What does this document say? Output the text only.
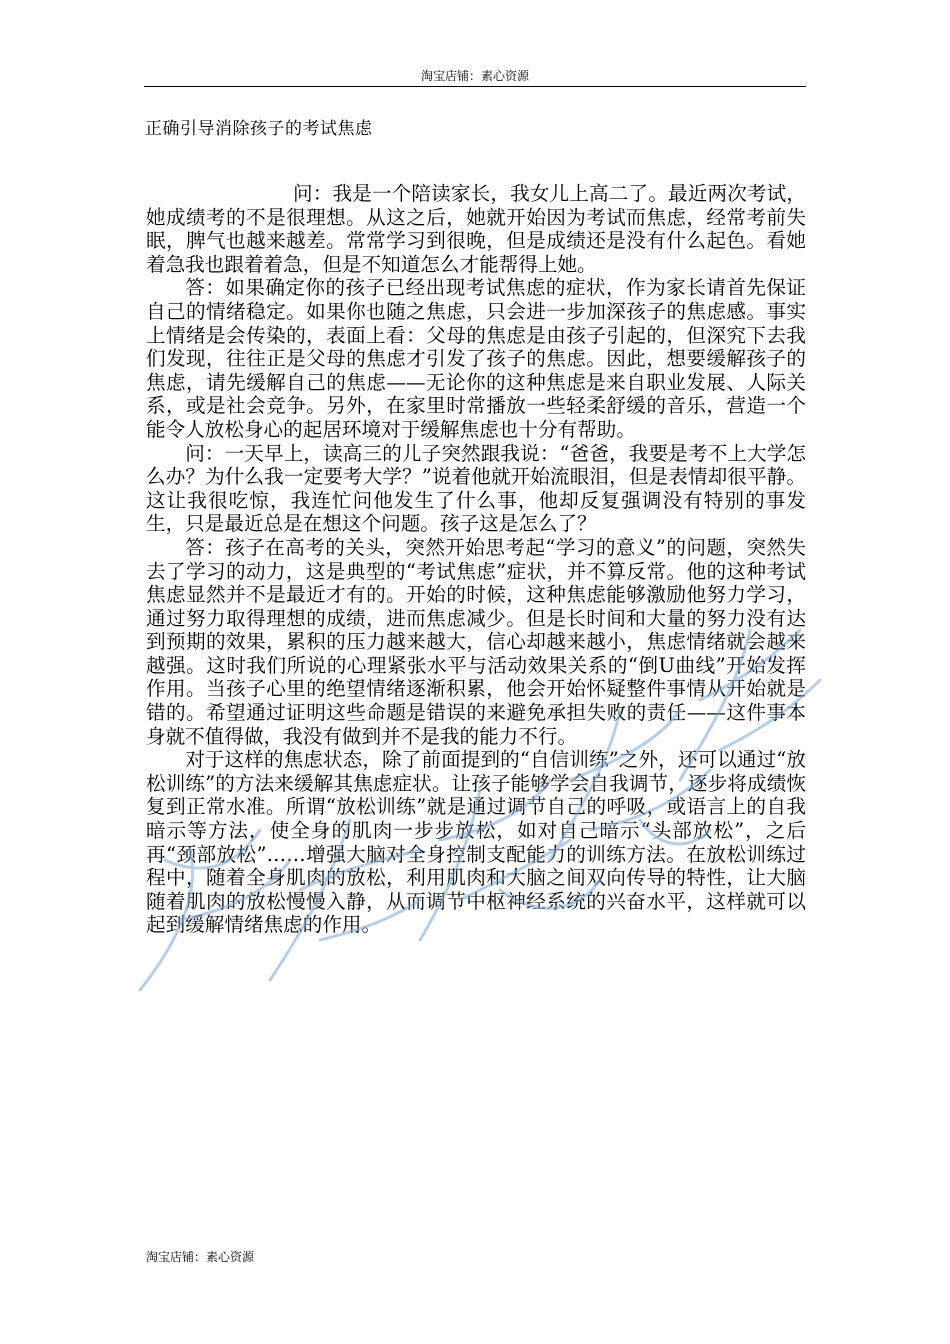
淘宝店铺：素心资源
正确引导消除孩子的考试焦虑

问：我是一个陪读家长，我女儿上高二了。最近两次考试，她成绩考的不是很理想。从这之后，她就开始因为考试而焦虑，经常考前失眠，脾气也越来越差。常常学习到很晚，但是成绩还是没有什么起色。看她着急我也跟着着急，但是不知道怎么才能帮得上她。

答：如果确定你的孩子已经出现考试焦虑的症状，作为家长请首先保证自己的情绪稳定。如果你也随之焦虑，只会进一步加深孩子的焦虑感。事实上情绪是会传染的，表面上看：父母的焦虑是由孩子引起的，但深究下去我们发现，往往正是父母的焦虑才引发了孩子的焦虑。因此，想要缓解孩子的焦虑，请先缓解自己的焦虑——无论你的这种焦虑是来自职业发展、人际关系，或是社会竞争。另外，在家里时常播放一些轻柔舒缓的音乐，营造一个能令人放松身心的起居环境对于缓解焦虑也十分有帮助。

问：一天早上，读高三的儿子突然跟我说：“爸爸，我要是考不上大学怎么办？为什么我一定要考大学？”说着他就开始流眼泪，但是表情却很平静。这让我很吃惊，我连忙问他发生了什么事，他却反复强调没有特别的事发生，只是最近总是在想这个问题。孩子这是怎么了？

答：孩子在高考的关头，突然开始思考起“学习的意义”的问题，突然失去了学习的动力，这是典型的“考试焦虑”症状，并不算反常。他的这种考试焦虑显然并不是最近才有的。开始的时候，这种焦虑能够激励他努力学习，通过努力取得理想的成绩，进而焦虑减少。但是长时间和大量的努力没有达到预期的效果，累积的压力越来越大，信心却越来越小，焦虑情绪就会越来越强。这时我们所说的心理紧张水平与活动效果关系的“倒U曲线”开始发挥作用。当孩子心里的绝望情绪逐渐积累，他会开始怀疑整件事情从开始就是错的。希望通过证明这些命题是错误的来避免承担失败的责任——这件事本身就不值得做，我没有做到并不是我的能力不行。

对于这样的焦虑状态，除了前面提到的“自信训练”之外，还可以通过“放松训练”的方法来缓解其焦虑症状。让孩子能够学会自我调节，逐步将成绩恢复到正常水准。所谓“放松训练”就是通过调节自己的呼吸，或语言上的自我暗示等方法，使全身的肌肉一步步放松，如对自己暗示“头部放松”，之后再“颈部放松”……增强大脑对全身控制支配能力的训练方法。在放松训练过程中，随着全身肌肉的放松，利用肌肉和大脑之间双向传导的特性，让大脑随着肌肉的放松慢慢入静，从而调节中枢神经系统的兴奋水平，这样就可以起到缓解情绪焦虑的作用。

淘宝店铺：素心资源
